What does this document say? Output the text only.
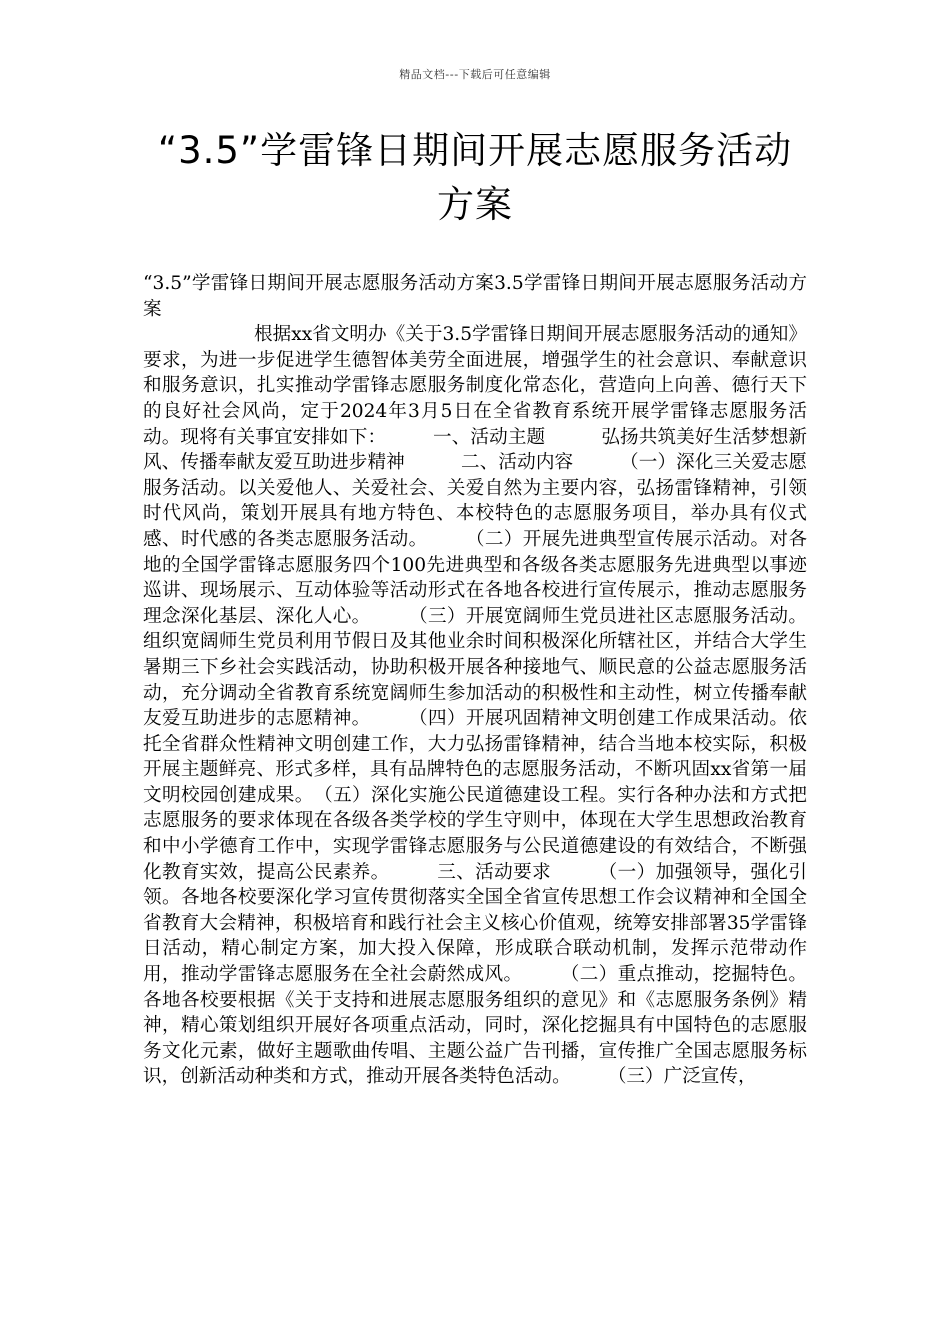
精品文档---下载后可任意编辑
“3.5”学雷锋日期间开展志愿服务活动方案

“3.5”学雷锋日期间开展志愿服务活动方案3.5学雷锋日期间开展志愿服务活动方案

根据xx省文明办《关于3.5学雷锋日期间开展志愿服务活动的通知》要求，为进一步促进学生德智体美劳全面进展，增强学生的社会意识、奉献意识和服务意识，扎实推动学雷锋志愿服务制度化常态化，营造向上向善、德行天下的良好社会风尚，定于2024年3月5日在全省教育系统开展学雷锋志愿服务活动。现将有关事宜安排如下：　　　一、活动主题　　　弘扬共筑美好生活梦想新风、传播奉献友爱互助进步精神　　　二、活动内容　　　（一）深化三关爱志愿服务活动。以关爱他人、关爱社会、关爱自然为主要内容，弘扬雷锋精神，引领时代风尚，策划开展具有地方特色、本校特色的志愿服务项目，举办具有仪式感、时代感的各类志愿服务活动。　　　（二）开展先进典型宣传展示活动。对各地的全国学雷锋志愿服务四个100先进典型和各级各类志愿服务先进典型以事迹巡讲、现场展示、互动体验等活动形式在各地各校进行宣传展示，推动志愿服务理念深化基层、深化人心。　　　（三）开展宽阔师生党员进社区志愿服务活动。组织宽阔师生党员利用节假日及其他业余时间积极深化所辖社区，并结合大学生暑期三下乡社会实践活动，协助积极开展各种接地气、顺民意的公益志愿服务活动，充分调动全省教育系统宽阔师生参加活动的积极性和主动性，树立传播奉献友爱互助进步的志愿精神。　　　（四）开展巩固精神文明创建工作成果活动。依托全省群众性精神文明创建工作，大力弘扬雷锋精神，结合当地本校实际，积极开展主题鲜亮、形式多样，具有品牌特色的志愿服务活动，不断巩固xx省第一届文明校园创建成果。　（五）深化实施公民道德建设工程。实行各种办法和方式把志愿服务的要求体现在各级各类学校的学生守则中，体现在大学生思想政治教育和中小学德育工作中，实现学雷锋志愿服务与公民道德建设的有效结合，不断强化教育实效，提高公民素养。　　　三、活动要求　　　（一）加强领导，强化引领。各地各校要深化学习宣传贯彻落实全国全省宣传思想工作会议精神和全国全省教育大会精神，积极培育和践行社会主义核心价值观，统筹安排部署35学雷锋日活动，精心制定方案，加大投入保障，形成联合联动机制，发挥示范带动作用，推动学雷锋志愿服务在全社会蔚然成风。　　　（二）重点推动，挖掘特色。各地各校要根据《关于支持和进展志愿服务组织的意见》和《志愿服务条例》精神，精心策划组织开展好各项重点活动，同时，深化挖掘具有中国特色的志愿服务文化元素，做好主题歌曲传唱、主题公益广告刊播，宣传推广全国志愿服务标识，创新活动种类和方式，推动开展各类特色活动。　　　（三）广泛宣传，
